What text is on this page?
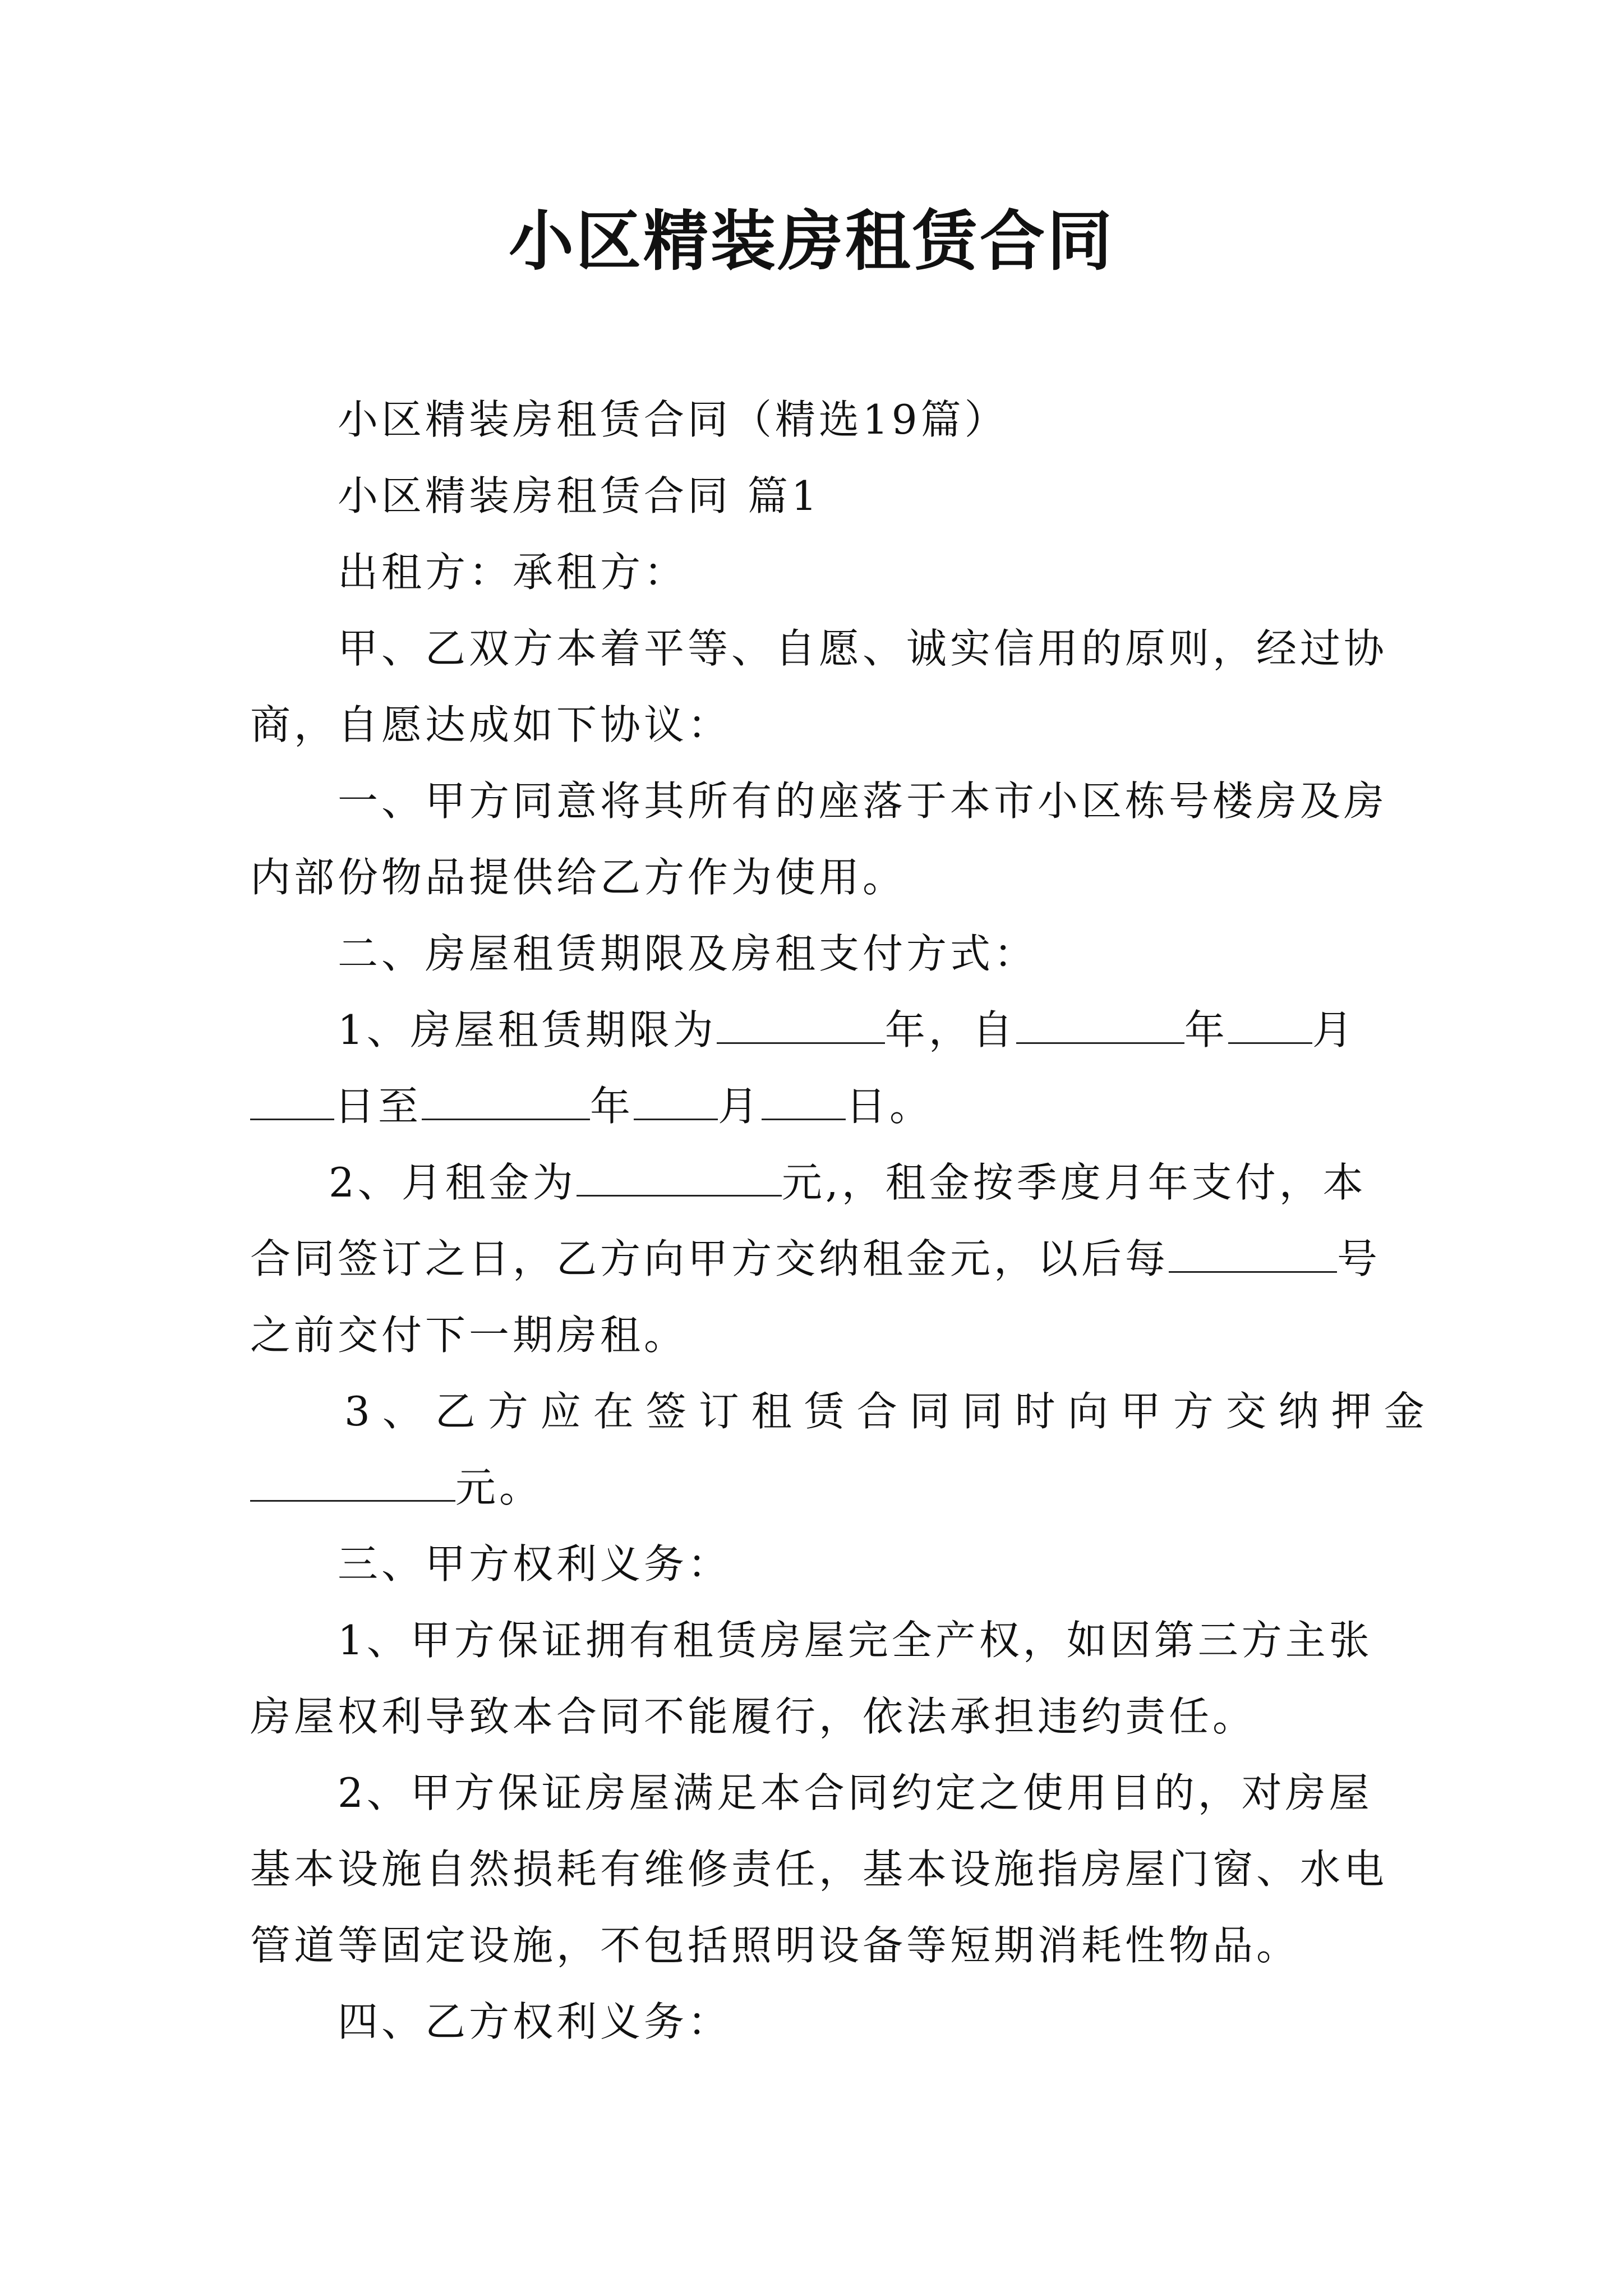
小区精装房租赁合同
小区精装房租赁合同（精选19篇）
小区精装房租赁合同 篇1
出租方：承租方：
甲、乙双方本着平等、自愿、诚实信用的原则，经过协
商，自愿达成如下协议：
一、甲方同意将其所有的座落于本市小区栋号楼房及房
内部份物品提供给乙方作为使用。
二、房屋租赁期限及房租支付方式：
1、房屋租赁期限为	年，自	年 月
日至	年 月 日。
2、月租金为	元,，租金按季度月年支付，本
合同签订之日，乙方向甲方交纳租金元，以后每	号
之前交付下一期房租。
3、乙方应在签订租赁合同同时向甲方交纳押金
元。
三、甲方权利义务：
1、甲方保证拥有租赁房屋完全产权，如因第三方主张
房屋权利导致本合同不能履行，依法承担违约责任。
2、甲方保证房屋满足本合同约定之使用目的，对房屋
基本设施自然损耗有维修责任，基本设施指房屋门窗、水电
管道等固定设施，不包括照明设备等短期消耗性物品。
四、乙方权利义务：
